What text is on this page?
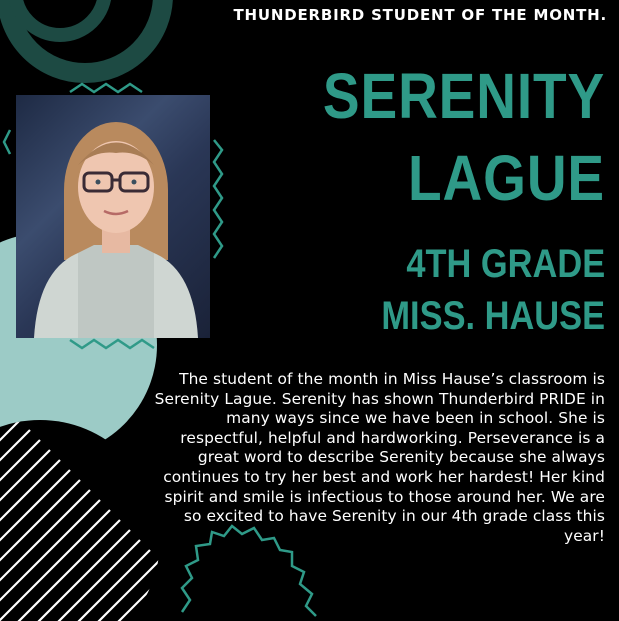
THUNDERBIRD STUDENT OF THE MONTH.
SERENITY
LAGUE
4TH GRADE
MISS. HAUSE
The student of the month in Miss Hause’s classroom is Serenity Lague. Serenity has shown Thunderbird PRIDE in many ways since we have been in school. She is respectful, helpful and hardworking. Perseverance is a great word to describe Serenity because she always continues to try her best and work her hardest! Her kind spirit and smile is infectious to those around her. We are so excited to have Serenity in our 4th grade class this year!
